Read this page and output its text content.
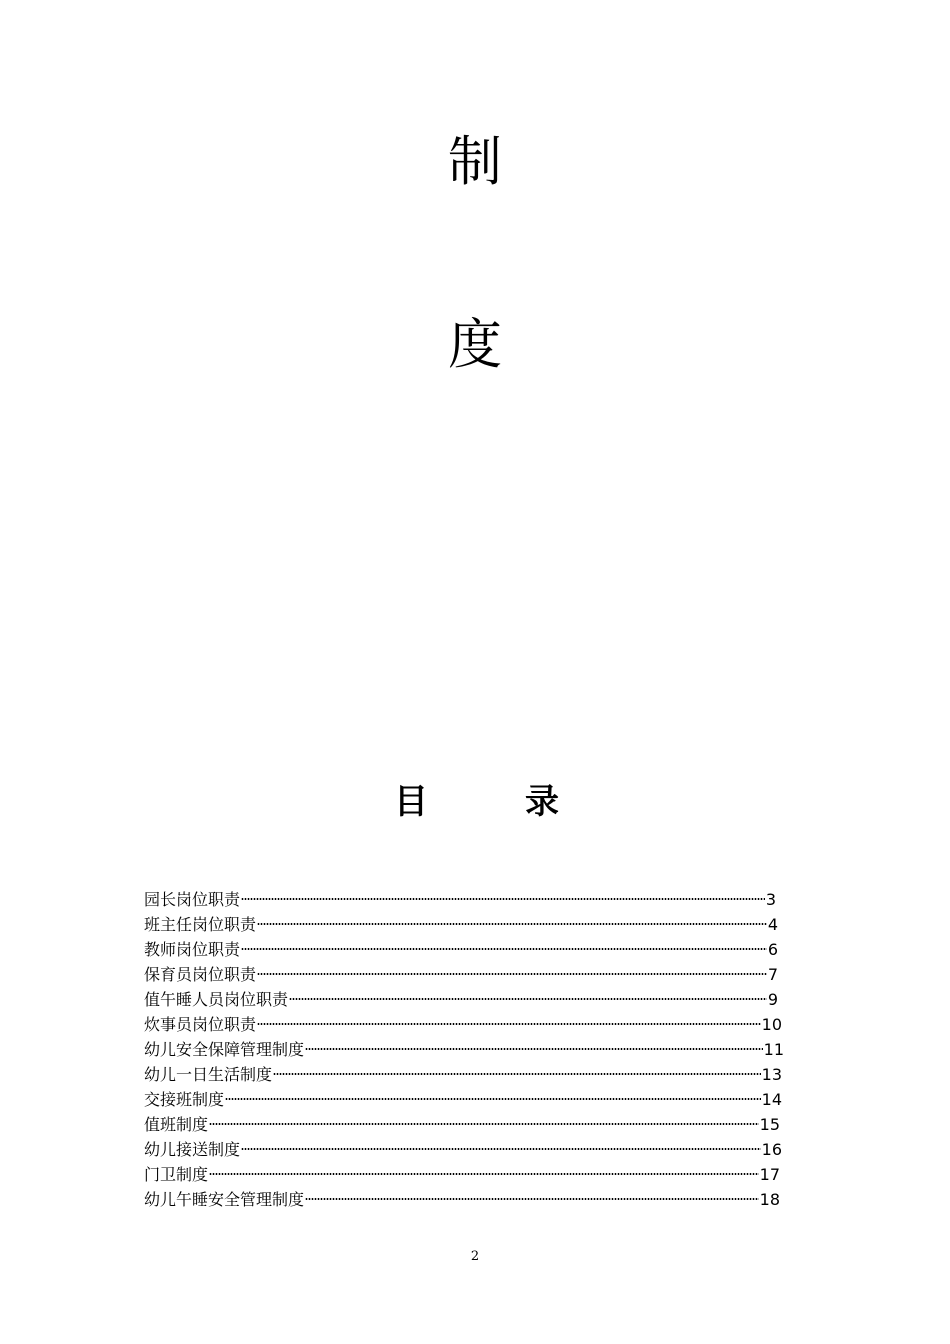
制
度
目	录
园长岗位职责	3
班主任岗位职责	4
教师岗位职责	6
保育员岗位职责	7
值午睡人员岗位职责	9
炊事员岗位职责	10
幼儿安全保障管理制度	11
幼儿一日生活制度	13
交接班制度	14
值班制度	15
幼儿接送制度	16
门卫制度	17
幼儿午睡安全管理制度	18
2
